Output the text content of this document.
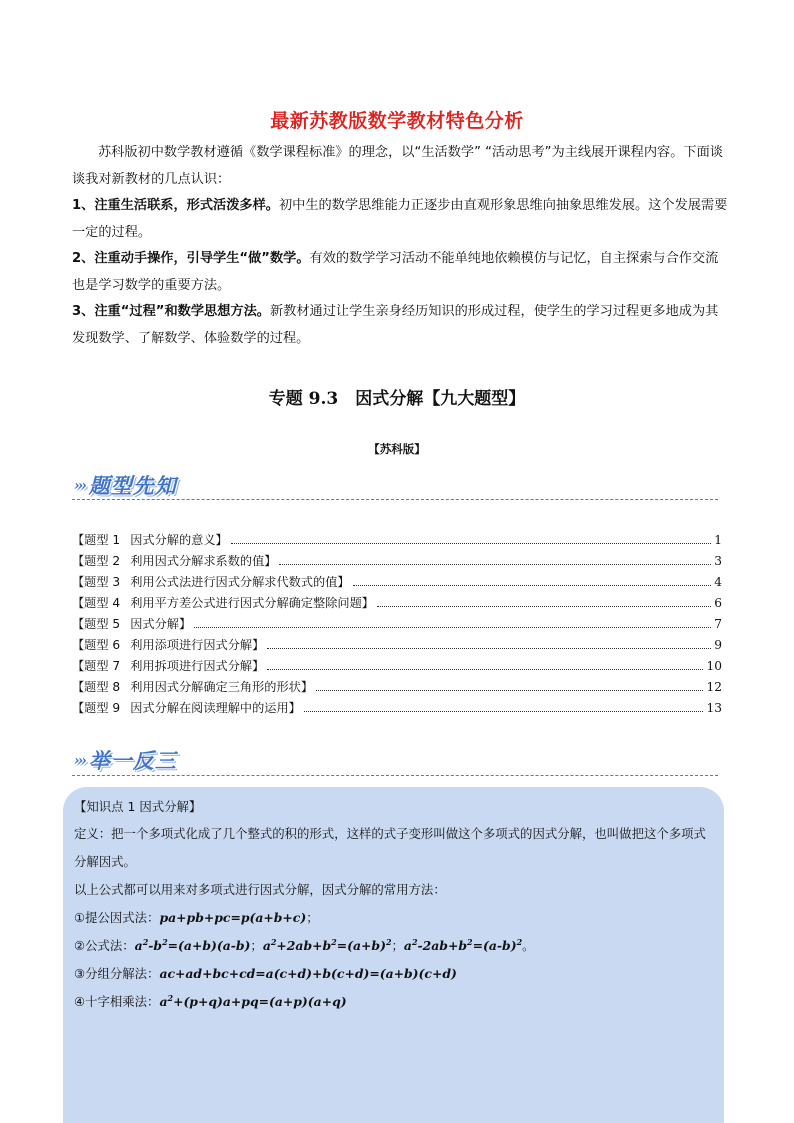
最新苏教版数学教材特色分析

苏科版初中数学教材遵循《数学课程标准》的理念，以“生活数学” “活动思考”为主线展开课程内容。下面谈谈我对新教材的几点认识：

1、注重生活联系，形式活泼多样。初中生的数学思维能力正逐步由直观形象思维向抽象思维发展。这个发展需要一定的过程。

2、注重动手操作，引导学生“做”数学。有效的数学学习活动不能单纯地依赖模仿与记忆，自主探索与合作交流也是学习数学的重要方法。

3、注重“过程”和数学思想方法。新教材通过让学生亲身经历知识的形成过程，使学生的学习过程更多地成为其发现数学、了解数学、体验数学的过程。

专题 9.3　因式分解【九大题型】
【苏科版】
››› 题型先知
【题型 1 因式分解的意义】	1
【题型 2 利用因式分解求系数的值】	3
【题型 3 利用公式法进行因式分解求代数式的值】	4
【题型 4 利用平方差公式进行因式分解确定整除问题】	6
【题型 5 因式分解】	7
【题型 6 利用添项进行因式分解】	9
【题型 7 利用拆项进行因式分解】	10
【题型 8 利用因式分解确定三角形的形状】	12
【题型 9 因式分解在阅读理解中的运用】	13
››› 举一反三
【知识点 1 因式分解】
定义：把一个多项式化成了几个整式的积的形式，这样的式子变形叫做这个多项式的因式分解，也叫做把这个多项式分解因式。
以上公式都可以用来对多项式进行因式分解，因式分解的常用方法：
①提公因式法：pa+pb+pc=p(a+b+c)；
②公式法：$a^2-b^2=(a+b)(a-b)$；$a^2+2ab+b^2=(a+b)^2$；$a^2-2ab+b^2=(a-b)^2$。
③分组分解法：ac+ad+bc+cd=a(c+d)+b(c+d)=(a+b)(c+d)
④十字相乘法：$a^2+(p+q)a+pq=(a+p)(a+q)$
